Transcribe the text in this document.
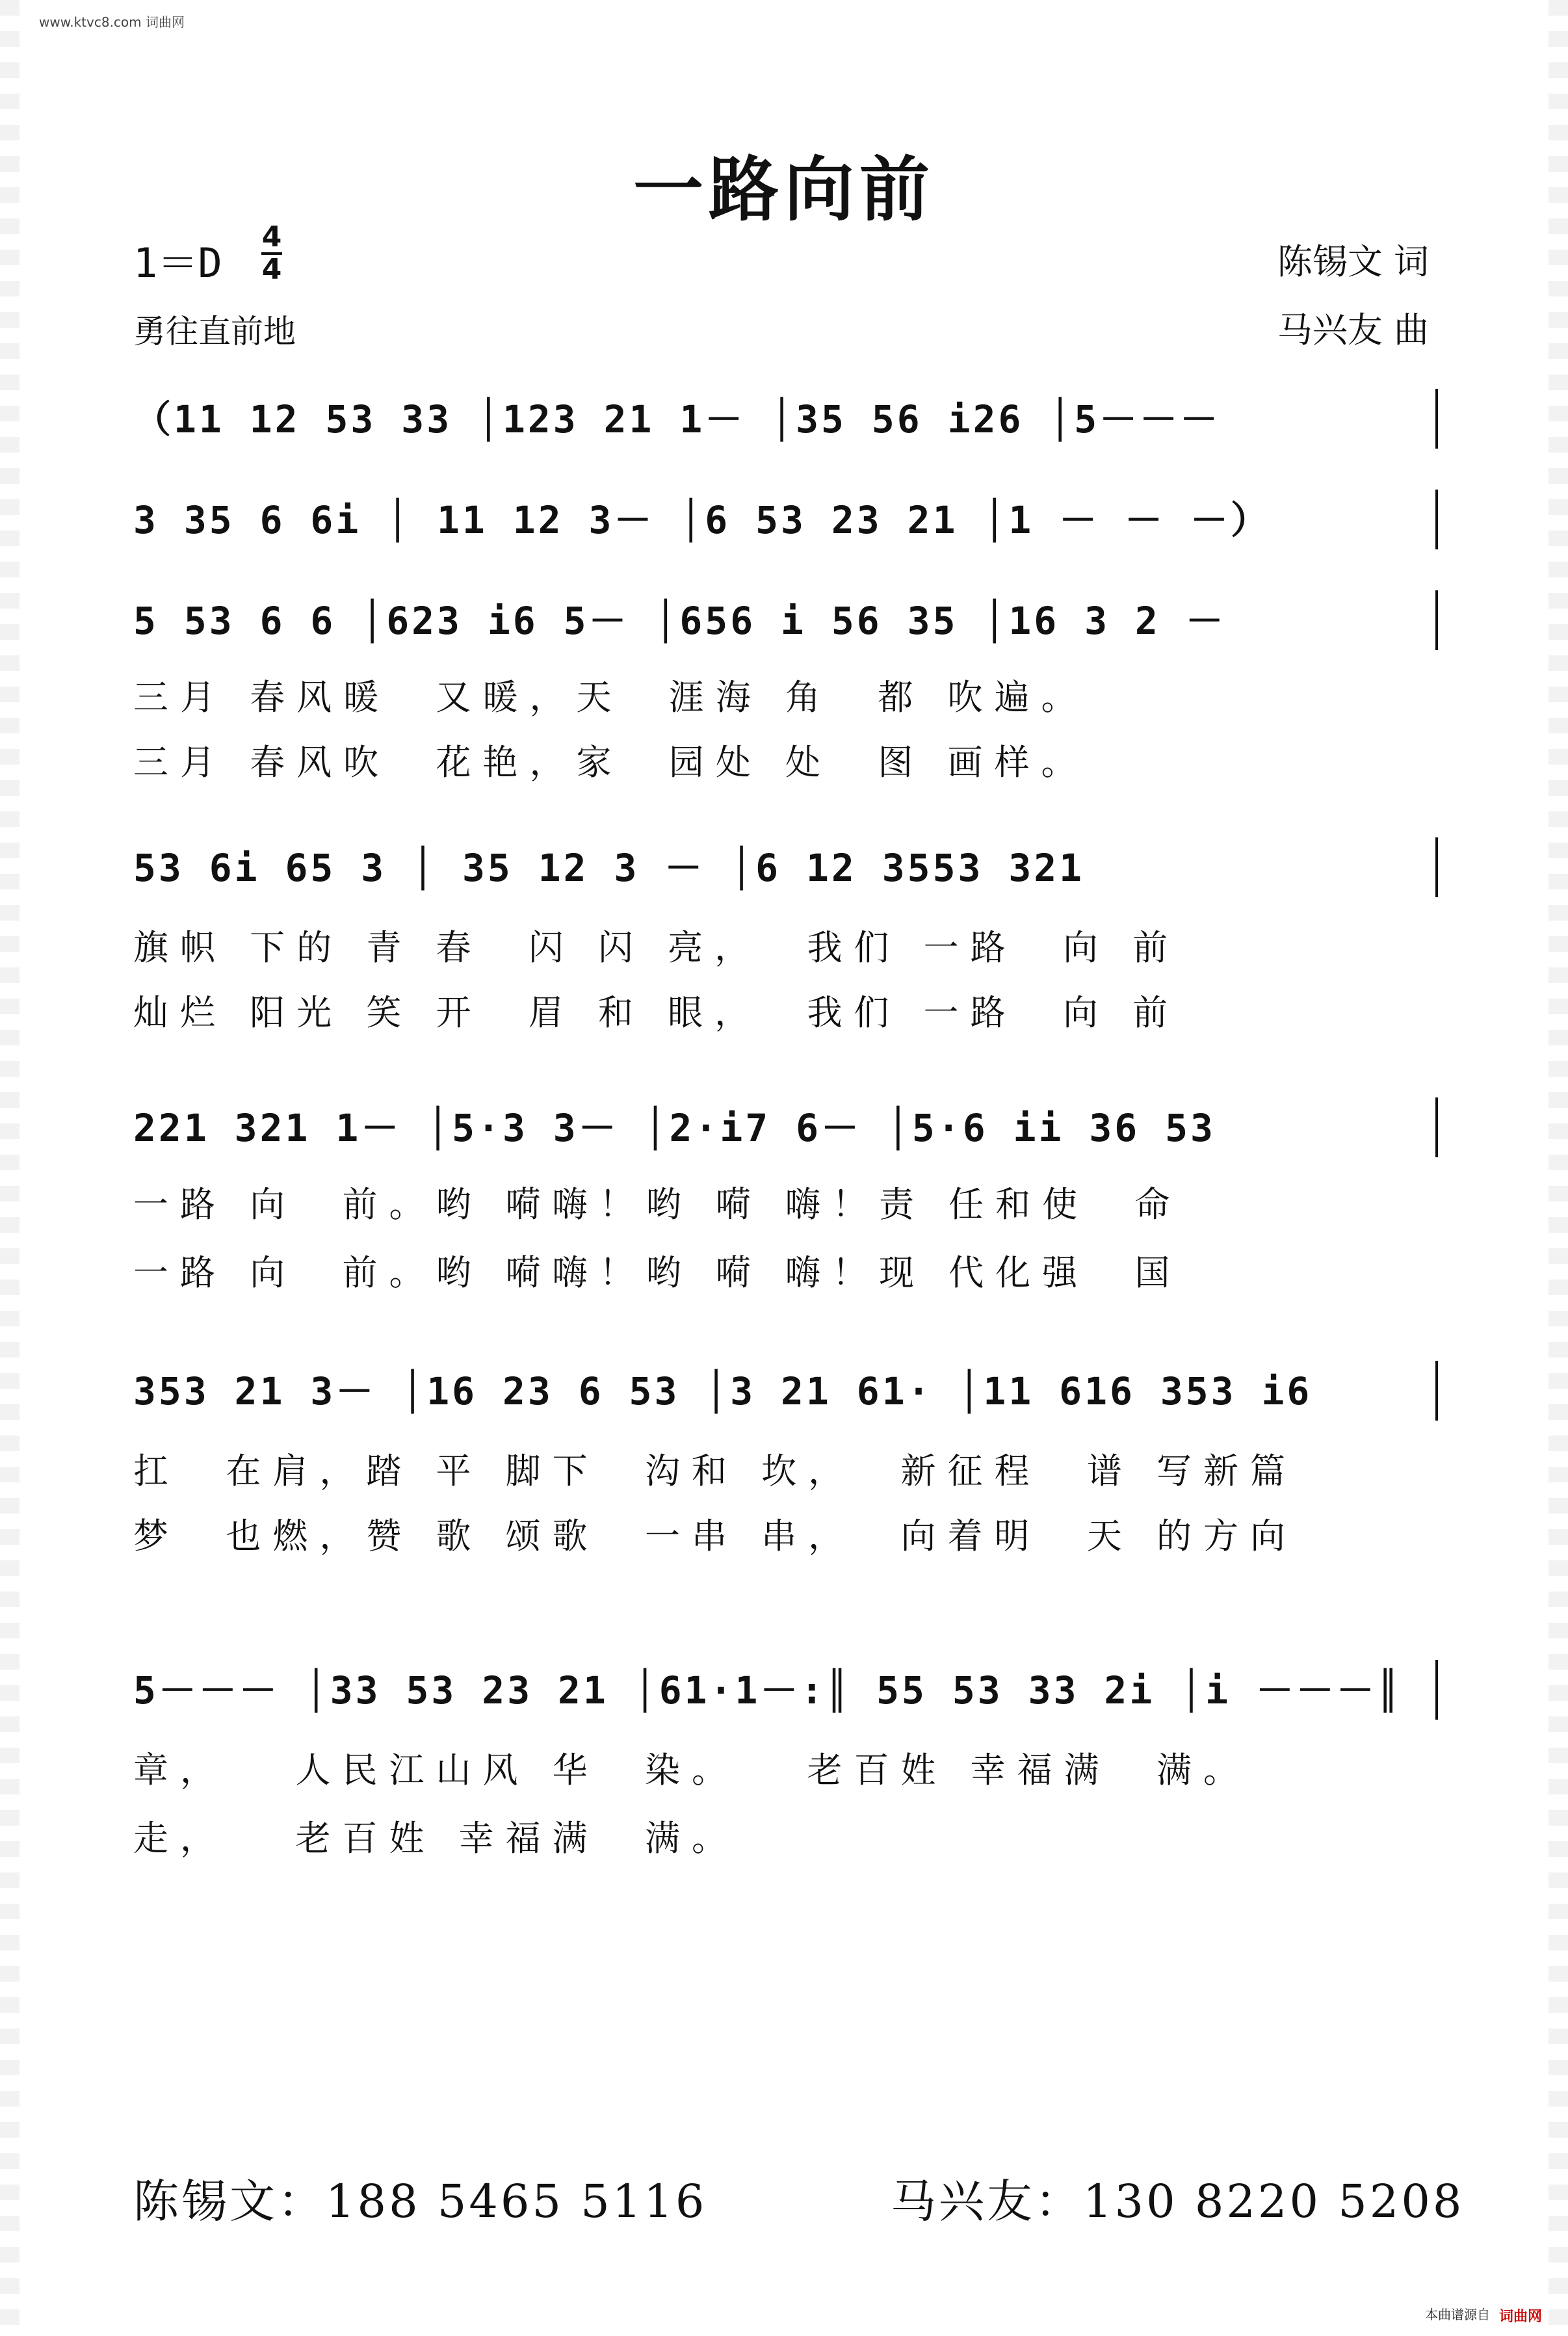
www.ktvc8.com 词曲网
一路向前
1＝D
4
4
勇往直前地
陈锡文 词
马兴友 曲
（11 12 53 33 │123 21 1－ │35 56 i26 │5－－－
3 35 6 6i │ 11 12 3－ │6 53 23 21 │1 － － －）
5 53 6 6 │623 i6 5－ │656 i 56 35 │16 3 2 －
三月 春风暖  又暖，天  涯海 角  都 吹遍。
三月 春风吹  花艳，家  园处 处  图 画样。
53 6i 65 3 │ 35 12 3 － │6 12 3553 321
旗帜 下的 青 春  闪 闪 亮，  我们 一路  向 前
灿烂 阳光 笑 开  眉 和 眼，  我们 一路  向 前
221 321 1－ │5·3 3－ │2·i7 6－ │5·6 ii 36 53
一路 向  前。哟 嗬嗨！哟 嗬 嗨！责 任和使  命
一路 向  前。哟 嗬嗨！哟 嗬 嗨！现 代化强  国
353 21 3－ │16 23 6 53 │3 21 61· │11 616 353 i6
扛  在肩，踏 平 脚下  沟和 坎，  新征程  谱 写新篇
梦  也燃，赞 歌 颂歌  一串 串，  向着明  天 的方向
5－－－ │33 53 23 21 │61·1－:║ 55 53 33 2i │i －－－║
章，   人民江山风 华  染。   老百姓 幸福满  满。
走，   老百姓 幸福满  满。
陈锡文：188 5465 5116	马兴友：130 8220 5208
本曲谱源自 词曲网
